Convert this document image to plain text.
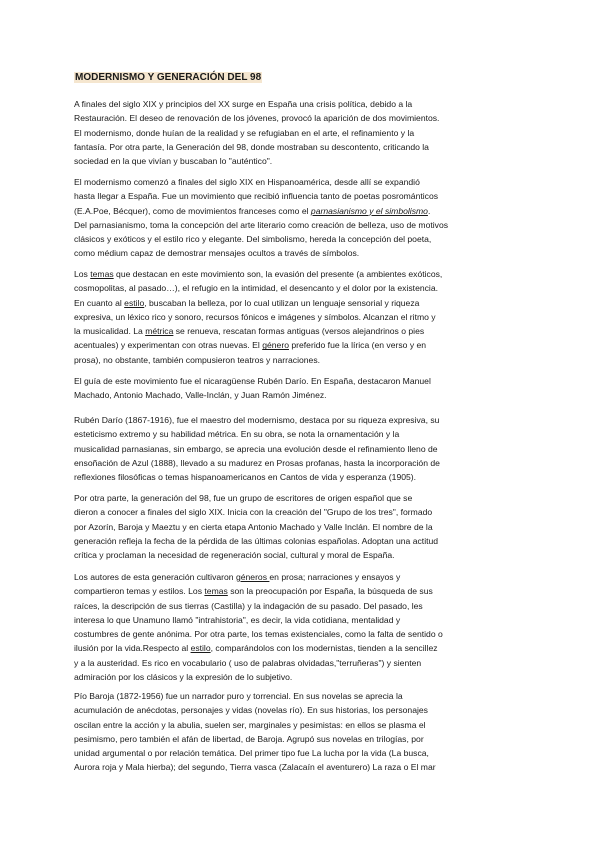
MODERNISMO Y GENERACIÓN DEL 98
A finales del siglo XIX y principios del XX surge en España una crisis política, debido a la
Restauración. El deseo de renovación de los jóvenes, provocó la aparición de dos movimientos.
El modernismo, donde huían de la realidad y se refugiaban en el arte, el refinamiento y la
fantasía. Por otra parte, la Generación del 98, donde mostraban su descontento, criticando la
sociedad en la que vivían y buscaban lo "auténtico".
El modernismo comenzó a finales del siglo XIX en Hispanoamérica, desde allí se expandió
hasta llegar a España. Fue un movimiento que recibió influencia tanto de poetas posrománticos
(E.A.Poe, Bécquer), como de movimientos franceses como el parnasianismo y el simbolismo.
Del parnasianismo, toma la concepción del arte literario como creación de belleza, uso de motivos
clásicos y exóticos y el estilo rico y elegante. Del simbolismo, hereda la concepción del poeta,
como médium capaz de demostrar mensajes ocultos a través de símbolos.
Los temas que destacan en este movimiento son, la evasión del presente (a ambientes exóticos,
cosmopolitas, al pasado…), el refugio en la intimidad, el desencanto y el dolor por la existencia.
En cuanto al estilo, buscaban la belleza, por lo cual utilizan un lenguaje sensorial y riqueza
expresiva, un léxico rico y sonoro, recursos fónicos e imágenes y símbolos. Alcanzan el ritmo y
la musicalidad. La métrica se renueva, rescatan formas antiguas (versos alejandrinos o pies
acentuales) y experimentan con otras nuevas. El género preferido fue la lírica (en verso y en
prosa), no obstante, también compusieron teatros y narraciones.
El guía de este movimiento fue el nicaragüense Rubén Darío. En España, destacaron Manuel
Machado, Antonio Machado, Valle-Inclán, y Juan Ramón Jiménez.
Rubén Darío (1867-1916), fue el maestro del modernismo, destaca por su riqueza expresiva, su
esteticismo extremo y su habilidad métrica. En su obra, se nota la ornamentación y la
musicalidad parnasianas, sin embargo, se aprecia una evolución desde el refinamiento lleno de
ensoñación de Azul (1888), llevado a su madurez en Prosas profanas, hasta la incorporación de
reflexiones filosóficas o temas hispanoamericanos en Cantos de vida y esperanza (1905).
Por otra parte, la generación del 98, fue un grupo de escritores de origen español que se
dieron a conocer a finales del siglo XIX. Inicia con la creación del "Grupo de los tres", formado
por Azorín, Baroja y Maeztu y en cierta etapa Antonio Machado y Valle Inclán. El nombre de la
generación refleja la fecha de la pérdida de las últimas colonias españolas. Adoptan una actitud
crítica y proclaman la necesidad de regeneración social, cultural y moral de España.
Los autores de esta generación cultivaron géneros en prosa; narraciones y ensayos y
compartieron temas y estilos. Los temas son la preocupación por España, la búsqueda de sus
raíces, la descripción de sus tierras (Castilla) y la indagación de su pasado. Del pasado, les
interesa lo que Unamuno llamó "intrahistoria", es decir, la vida cotidiana, mentalidad y
costumbres de gente anónima. Por otra parte, los temas existenciales, como la falta de sentido o
ilusión por la vida.Respecto al estilo, comparándolos con los modernistas, tienden a la sencillez
y a la austeridad. Es rico en vocabulario ( uso de palabras olvidadas,"terruñeras") y sienten
admiración por los clásicos y la expresión de lo subjetivo.
Pío Baroja (1872-1956) fue un narrador puro y torrencial. En sus novelas se aprecia la
acumulación de anécdotas, personajes y vidas (novelas río). En sus historias, los personajes
oscilan entre la acción y la abulia, suelen ser, marginales y pesimistas: en ellos se plasma el
pesimismo, pero también el afán de libertad, de Baroja. Agrupó sus novelas en trilogías, por
unidad argumental o por relación temática. Del primer tipo fue La lucha por la vida (La busca,
Aurora roja y Mala hierba); del segundo, Tierra vasca (Zalacaín el aventurero) La raza o El mar
